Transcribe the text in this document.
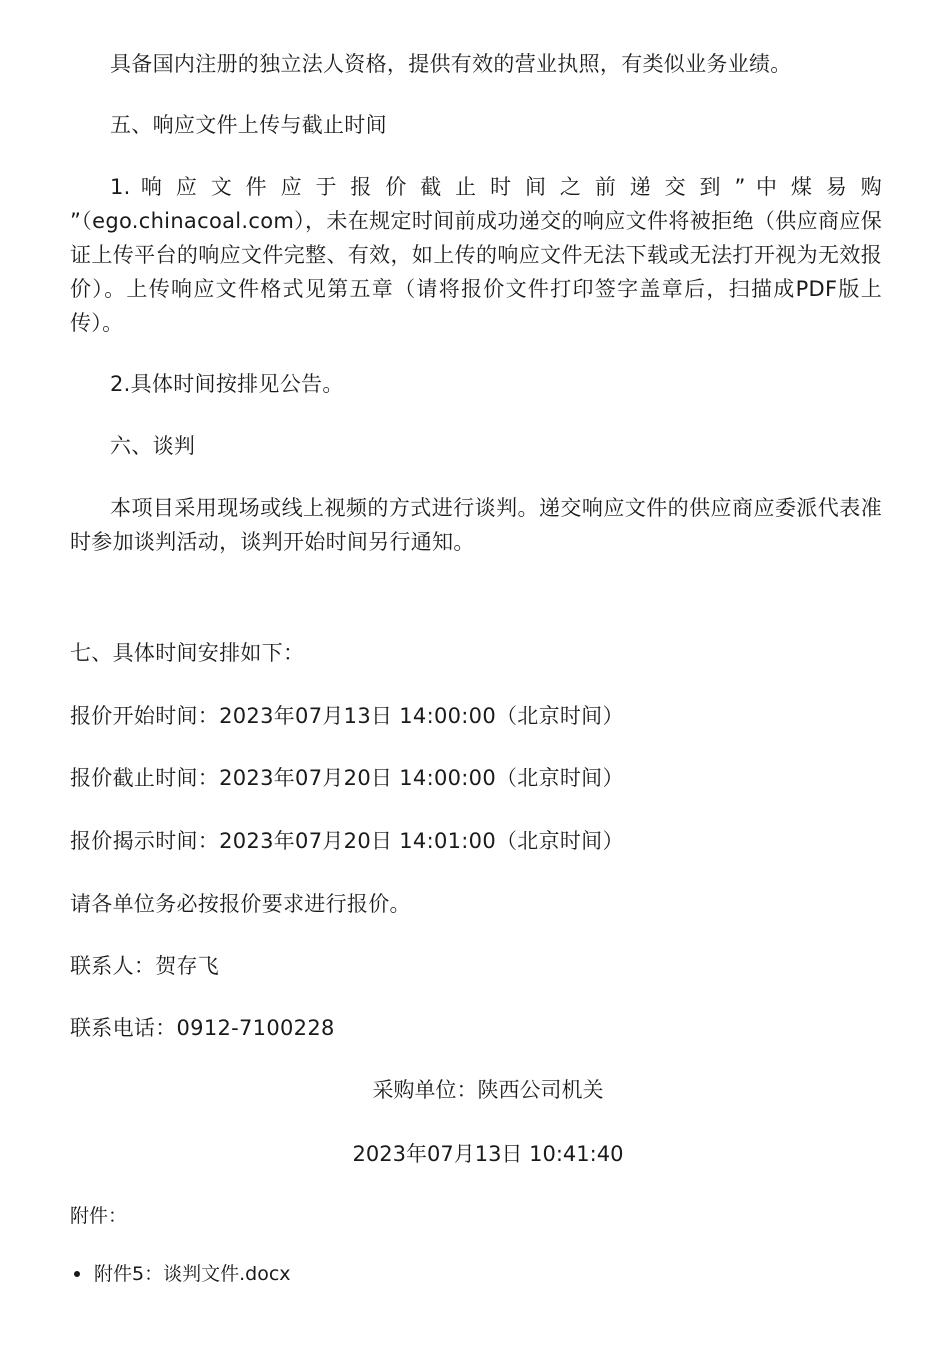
具备国内注册的独立法人资格，提供有效的营业执照，有类似业务业绩。

五、响应文件上传与截止时间

1. 响 应 文 件 应 于 报 价 截 止 时 间 之 前 递 交 到 ” 中 煤 易 购 ”（ego.chinacoal.com），未在规定时间前成功递交的响应文件将被拒绝（供应商应保证上传平台的响应文件完整、有效，如上传的响应文件无法下载或无法打开视为无效报价）。上传响应文件格式见第五章（请将报价文件打印签字盖章后，扫描成PDF版上传）。

2.具体时间按排见公告。

六、谈判

本项目采用现场或线上视频的方式进行谈判。递交响应文件的供应商应委派代表准时参加谈判活动，谈判开始时间另行通知。

七、具体时间安排如下：

报价开始时间：2023年07月13日 14:00:00（北京时间）

报价截止时间：2023年07月20日 14:00:00（北京时间）

报价揭示时间：2023年07月20日 14:01:00（北京时间）

请各单位务必按报价要求进行报价。

联系人：贺存飞

联系电话：0912-7100228

采购单位：陕西公司机关
2023年07月13日 10:41:40
附件：
附件5：谈判文件.docx
